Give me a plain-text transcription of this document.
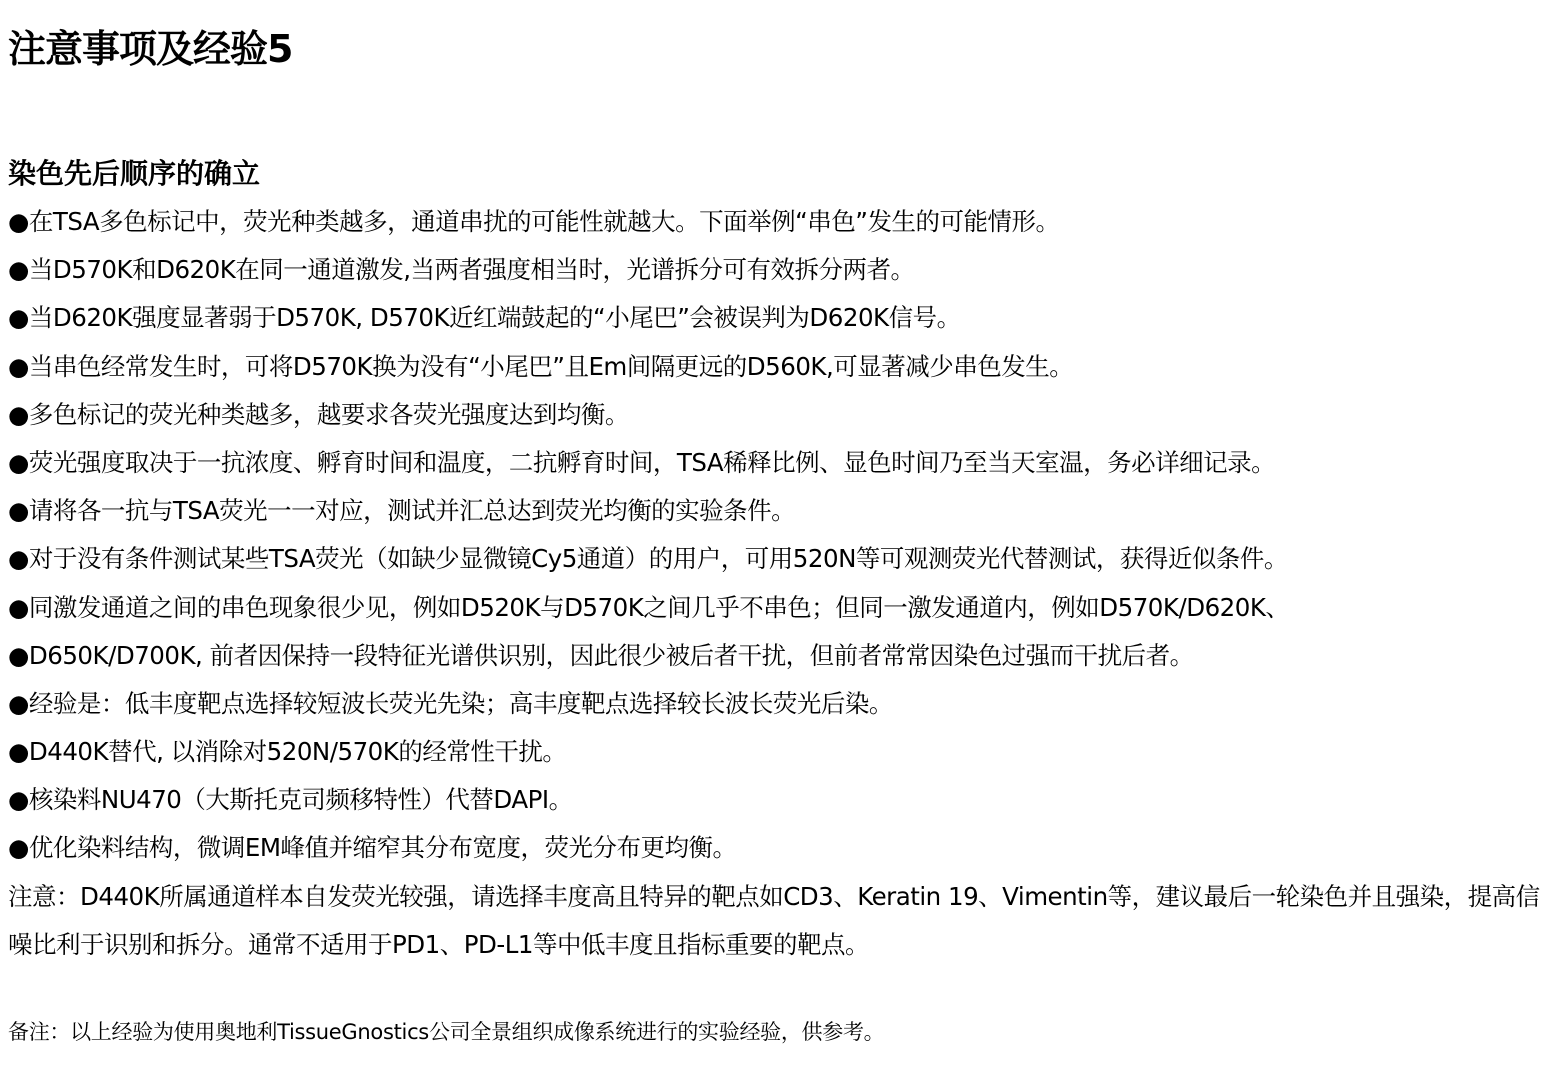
注意事项及经验5
染色先后顺序的确立
●在TSA多色标记中，荧光种类越多，通道串扰的可能性就越大。下面举例“串色”发生的可能情形。
●当D570K和D620K在同一通道激发,当两者强度相当时，光谱拆分可有效拆分两者。
●当D620K强度显著弱于D570K, D570K近红端鼓起的“小尾巴”会被误判为D620K信号。
●当串色经常发生时，可将D570K换为没有“小尾巴”且Em间隔更远的D560K,可显著减少串色发生。
●多色标记的荧光种类越多，越要求各荧光强度达到均衡。
●荧光强度取决于一抗浓度、孵育时间和温度，二抗孵育时间，TSA稀释比例、显色时间乃至当天室温，务必详细记录。
●请将各一抗与TSA荧光一一对应，测试并汇总达到荧光均衡的实验条件。
●对于没有条件测试某些TSA荧光（如缺少显微镜Cy5通道）的用户，可用520N等可观测荧光代替测试，获得近似条件。
●同激发通道之间的串色现象很少见，例如D520K与D570K之间几乎不串色；但同一激发通道内，例如D570K/D620K、
●D650K/D700K, 前者因保持一段特征光谱供识别，因此很少被后者干扰，但前者常常因染色过强而干扰后者。
●经验是：低丰度靶点选择较短波长荧光先染；高丰度靶点选择较长波长荧光后染。
●D440K替代, 以消除对520N/570K的经常性干扰。
●核染料NU470（大斯托克司频移特性）代替DAPI。
●优化染料结构，微调EM峰值并缩窄其分布宽度，荧光分布更均衡。

注意：D440K所属通道样本自发荧光较强，请选择丰度高且特异的靶点如CD3、Keratin 19、Vimentin等，建议最后一轮染色并且强染，提高信噪比利于识别和拆分。通常不适用于PD1、PD-L1等中低丰度且指标重要的靶点。

备注：以上经验为使用奥地利TissueGnostics公司全景组织成像系统进行的实验经验，供参考。
